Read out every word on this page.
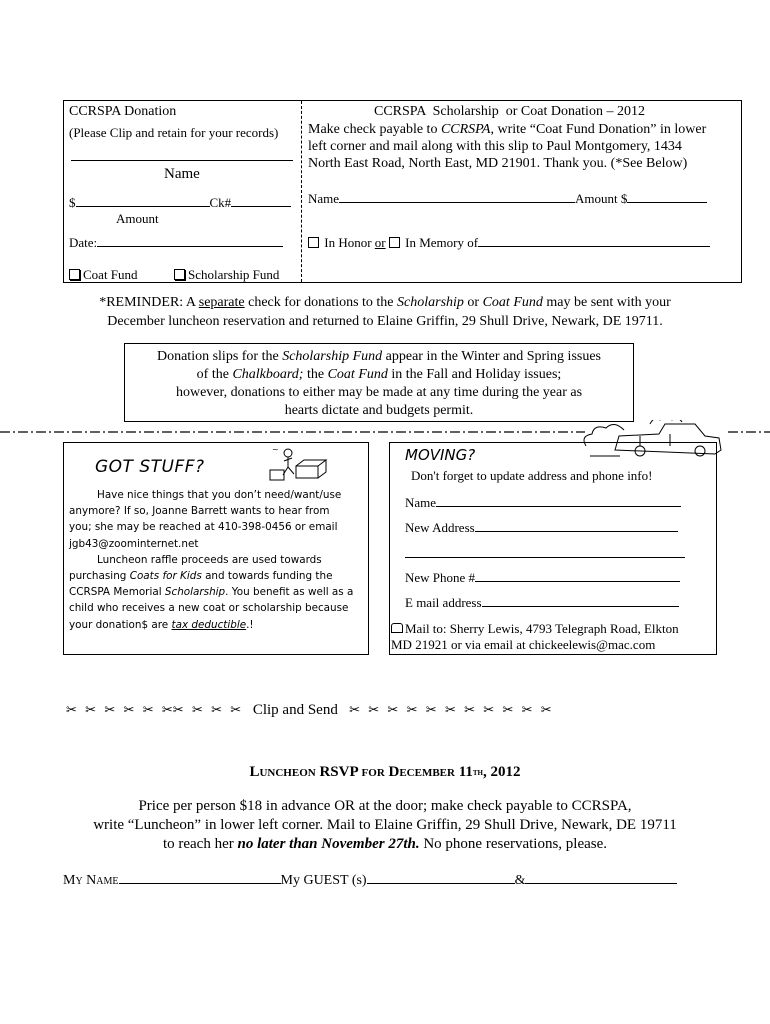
CCRSPA Donation
(Please Clip and retain for your records)
Name
$	Ck#
Amount
Date:
Coat Fund	Scholarship Fund
CCRSPA  Scholarship  or Coat Donation – 2012
Make check payable to CCRSPA, write “Coat Fund Donation” in lower
left corner and mail along with this slip to Paul Montgomery, 1434
North East Road, North East, MD 21901. Thank you. (*See Below)
Name	Amount $
In Honor or In Memory of
*REMINDER: A separate check for donations to the Scholarship or Coat Fund may be sent with your
December luncheon reservation and returned to Elaine Griffin, 29 Shull Drive, Newark, DE 19711.
Donation slips for the Scholarship Fund appear in the Winter and Spring issues
of the Chalkboard; the Coat Fund in the Fall and Holiday issues;
however, donations to either may be made at any time during the year as
hearts dictate and budgets permit.
GOT STUFF?
~
Have nice things that you don’t need/want/use
anymore? If so, Joanne Barrett wants to hear from
you; she may be reached at 410-398-0456 or email
jgb43@zoominternet.net
Luncheon raffle proceeds are used towards
purchasing Coats for Kids and towards funding the
CCRSPA Memorial Scholarship. You benefit as well as a
child who receives a new coat or scholarship because
your donation$ are tax deductible.!
MOVING?
Don't forget to update address and phone info!
Name
New Address
New Phone #
E mail address
Mail to: Sherry Lewis, 4793 Telegraph Road, Elkton
MD 21921 or via email at chickeelewis@mac.com
✂ ✂ ✂ ✂ ✂ ✂✂ ✂ ✂ ✂ Clip and Send ✂ ✂ ✂ ✂ ✂ ✂ ✂ ✂ ✂ ✂ ✂
Luncheon RSVP for December 11th, 2012
Price per person $18 in advance OR at the door; make check payable to CCRSPA,
write “Luncheon” in lower left corner. Mail to Elaine Griffin, 29 Shull Drive, Newark, DE 19711
to reach her no later than November 27th. No phone reservations, please.
My Name	My GUEST (s)	&
